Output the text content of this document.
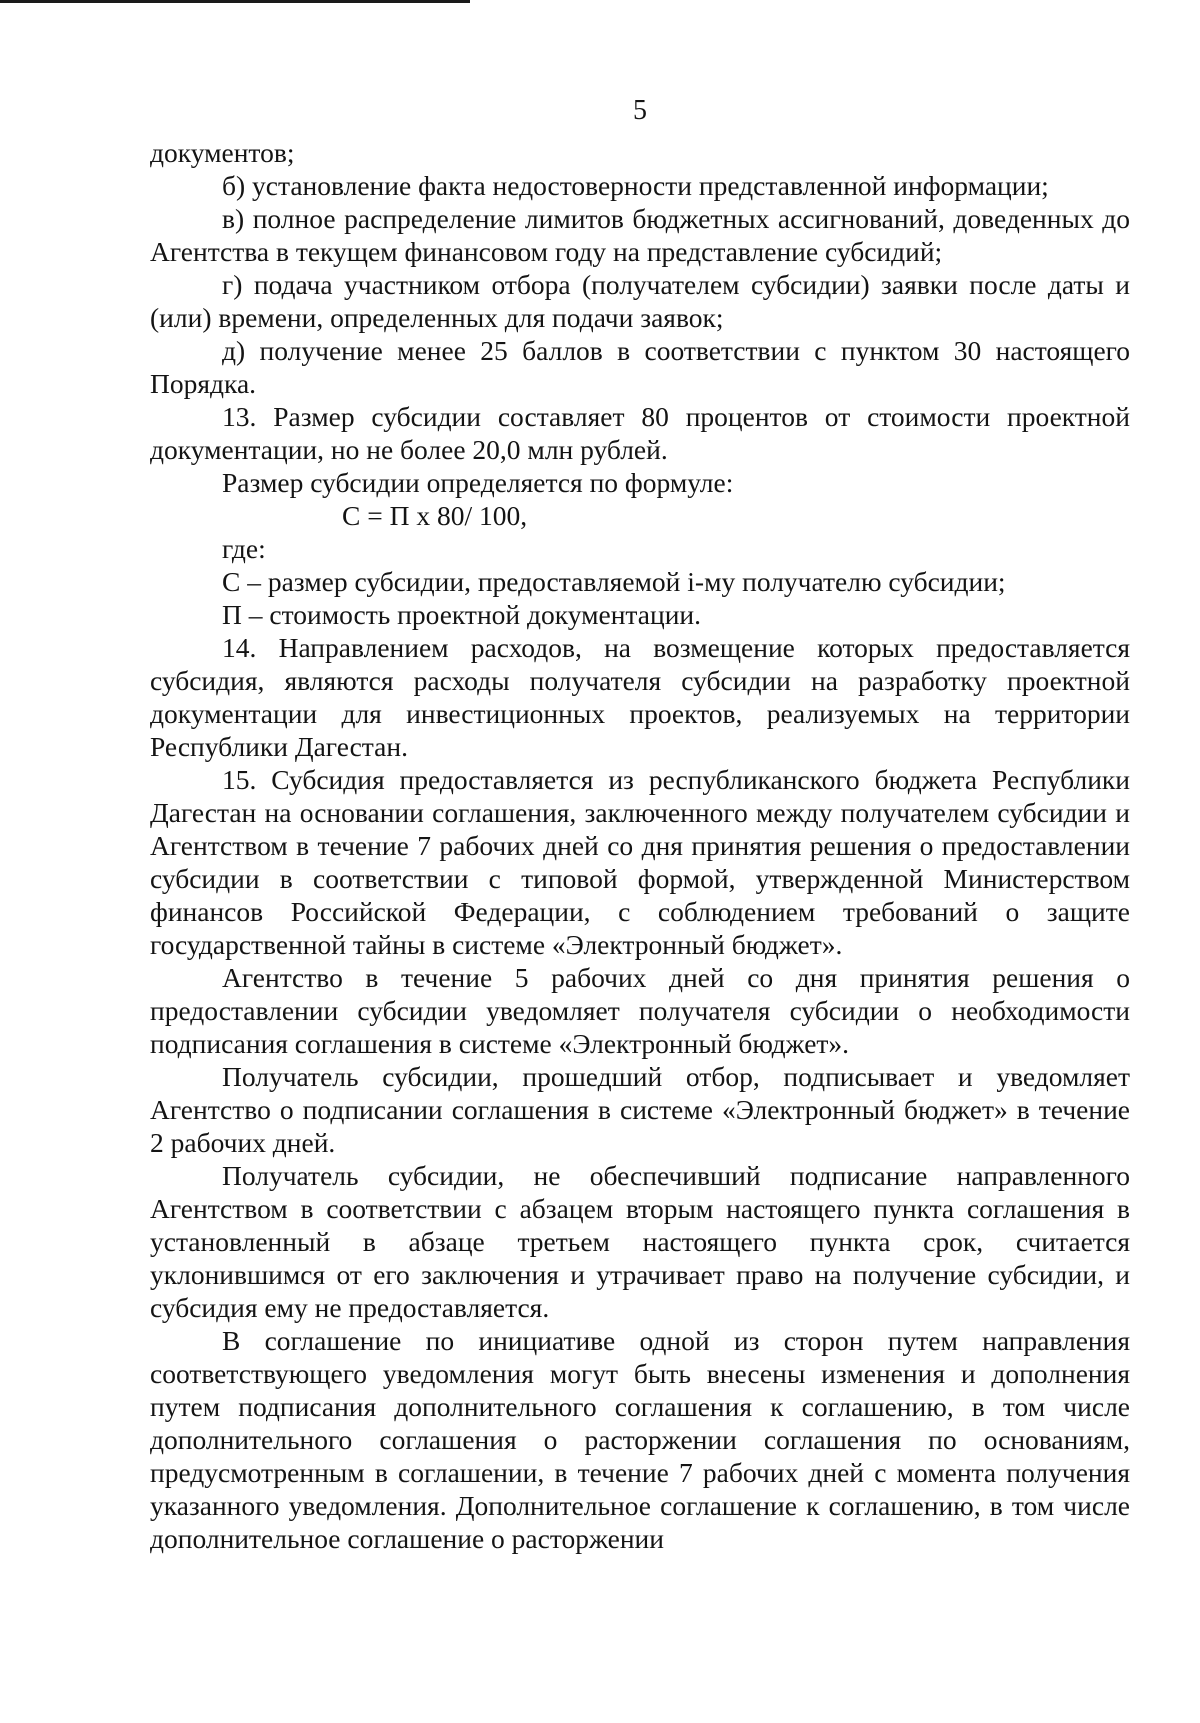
5

документов;

б) установление факта недостоверности представленной информации;

в) полное распределение лимитов бюджетных ассигнований, доведенных до Агентства в текущем финансовом году на представление субсидий;

г) подача участником отбора (получателем субсидии) заявки после даты и (или) времени, определенных для подачи заявок;

д) получение менее 25 баллов в соответствии с пунктом 30 настоящего Порядка.

13. Размер субсидии составляет 80 процентов от стоимости проектной документации, но не более 20,0 млн рублей.

Размер субсидии определяется по формуле:

С = П х 80/ 100,

где:

С – размер субсидии, предоставляемой i-му получателю субсидии;

П – стоимость проектной документации.

14. Направлением расходов, на возмещение которых предоставляется субсидия, являются расходы получателя субсидии на разработку проектной документации для инвестиционных проектов, реализуемых на территории Республики Дагестан.

15. Субсидия предоставляется из республиканского бюджета Республики Дагестан на основании соглашения, заключенного между получателем субсидии и Агентством в течение 7 рабочих дней со дня принятия решения о предоставлении субсидии в соответствии с типовой формой, утвержденной Министерством финансов Российской Федерации, с соблюдением требований о защите государственной тайны в системе «Электронный бюджет».

Агентство в течение 5 рабочих дней со дня принятия решения о предоставлении субсидии уведомляет получателя субсидии о необходимости подписания соглашения в системе «Электронный бюджет».

Получатель субсидии, прошедший отбор, подписывает и уведомляет Агентство о подписании соглашения в системе «Электронный бюджет» в течение 2 рабочих дней.

Получатель субсидии, не обеспечивший подписание направленного Агентством в соответствии с абзацем вторым настоящего пункта соглашения в установленный в абзаце третьем настоящего пункта срок, считается уклонившимся от его заключения и утрачивает право на получение субсидии, и субсидия ему не предоставляется.

В соглашение по инициативе одной из сторон путем направления соответствующего уведомления могут быть внесены изменения и дополнения путем подписания дополнительного соглашения к соглашению, в том числе дополнительного соглашения о расторжении соглашения по основаниям, предусмотренным в соглашении, в течение 7 рабочих дней с момента получения указанного уведомления. Дополнительное соглашение к соглашению, в том числе дополнительное соглашение о расторжении
